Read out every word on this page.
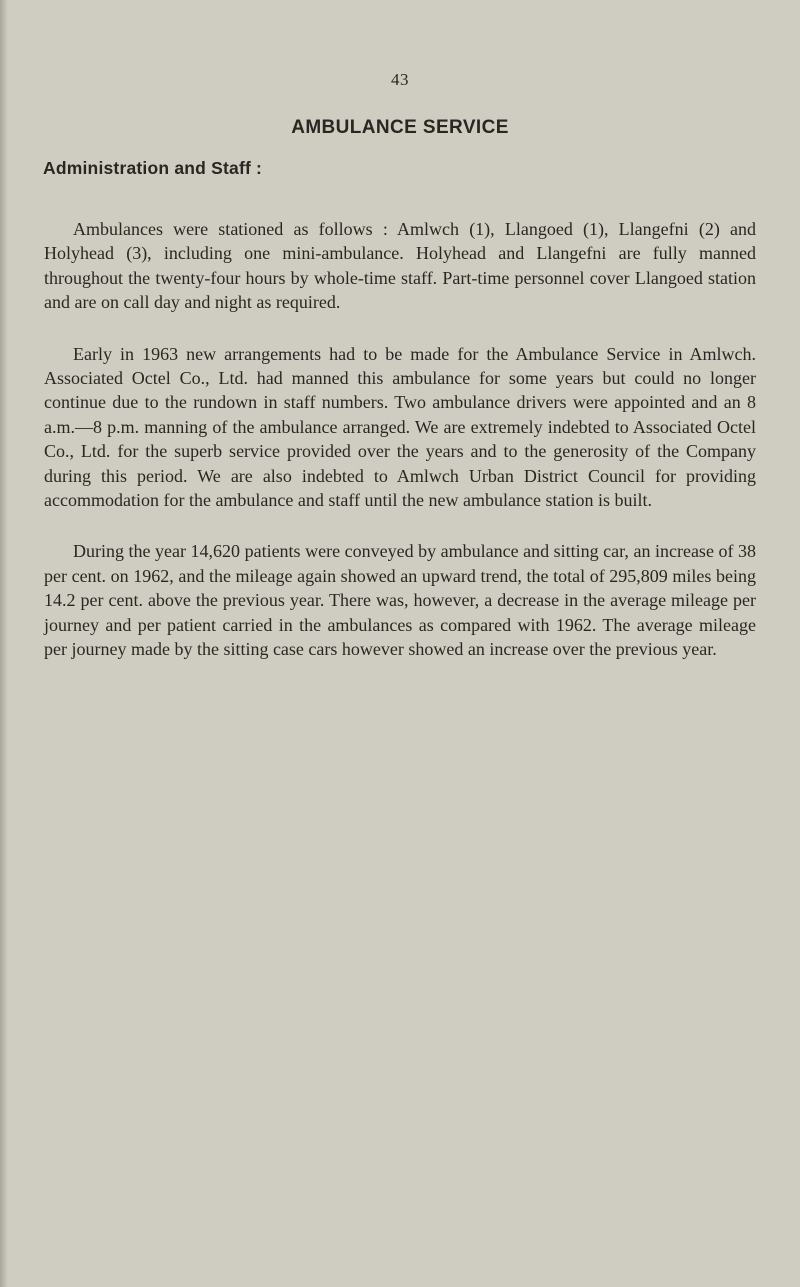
43
AMBULANCE SERVICE
Administration and Staff :

Ambulances were stationed as follows : Amlwch (1), Llangoed (1), Llangefni (2) and Holyhead (3), including one mini-ambulance. Holyhead and Llangefni are fully manned throughout the twenty-four hours by whole-time staff. Part-time personnel cover Llangoed station and are on call day and night as required.

Early in 1963 new arrangements had to be made for the Ambulance Service in Amlwch. Associated Octel Co., Ltd. had manned this ambulance for some years but could no longer continue due to the rundown in staff numbers. Two ambulance drivers were appointed and an 8 a.m.—8 p.m. manning of the ambulance arranged. We are extremely indebted to Associated Octel Co., Ltd. for the superb service provided over the years and to the generosity of the Company during this period. We are also indebted to Amlwch Urban District Council for providing accommodation for the ambulance and staff until the new ambulance station is built.

During the year 14,620 patients were conveyed by ambulance and sitting car, an increase of 38 per cent. on 1962, and the mileage again showed an upward trend, the total of 295,809 miles being 14.2 per cent. above the previous year. There was, however, a decrease in the average mileage per journey and per patient carried in the ambulances as compared with 1962. The average mileage per journey made by the sitting case cars however showed an increase over the previous year.
